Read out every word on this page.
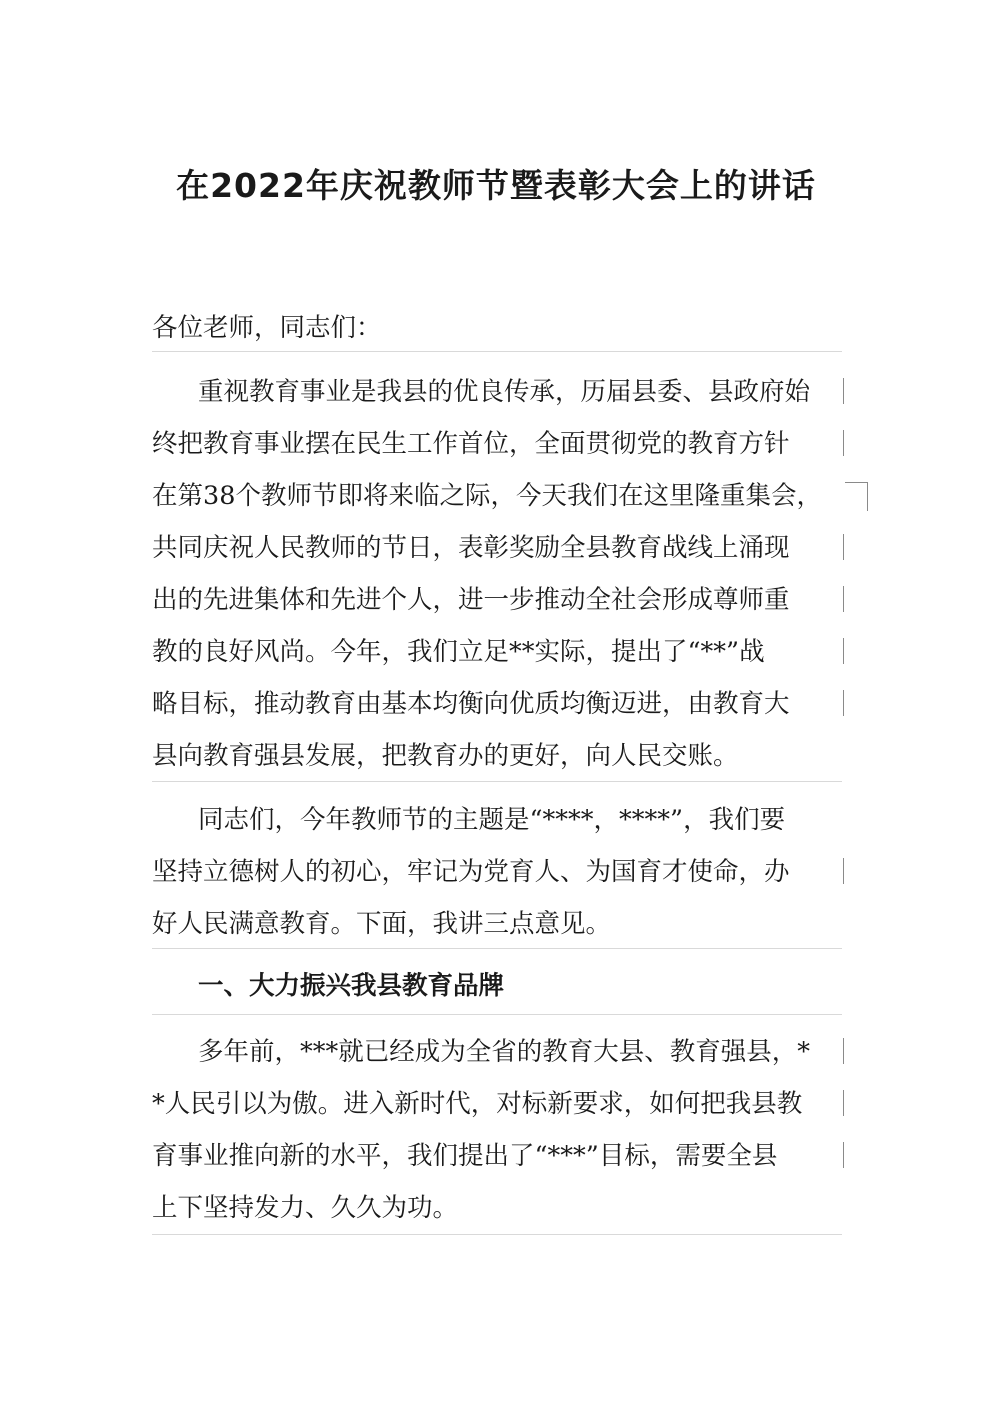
在2022年庆祝教师节暨表彰大会上的讲话
各位老师，同志们：
重视教育事业是我县的优良传承，历届县委、县政府始
终把教育事业摆在民生工作首位，全面贯彻党的教育方针
在第38个教师节即将来临之际，今天我们在这里隆重集会，
共同庆祝人民教师的节日，表彰奖励全县教育战线上涌现
出的先进集体和先进个人，进一步推动全社会形成尊师重
教的良好风尚。今年，我们立足**实际，提出了“**”战
略目标，推动教育由基本均衡向优质均衡迈进，由教育大
县向教育强县发展，把教育办的更好，向人民交账。
同志们，今年教师节的主题是“****，****”，我们要
坚持立德树人的初心，牢记为党育人、为国育才使命，办
好人民满意教育。下面，我讲三点意见。
一、大力振兴我县教育品牌
多年前，***就已经成为全省的教育大县、教育强县，*
*人民引以为傲。进入新时代，对标新要求，如何把我县教
育事业推向新的水平，我们提出了“***”目标，需要全县
上下坚持发力、久久为功。
